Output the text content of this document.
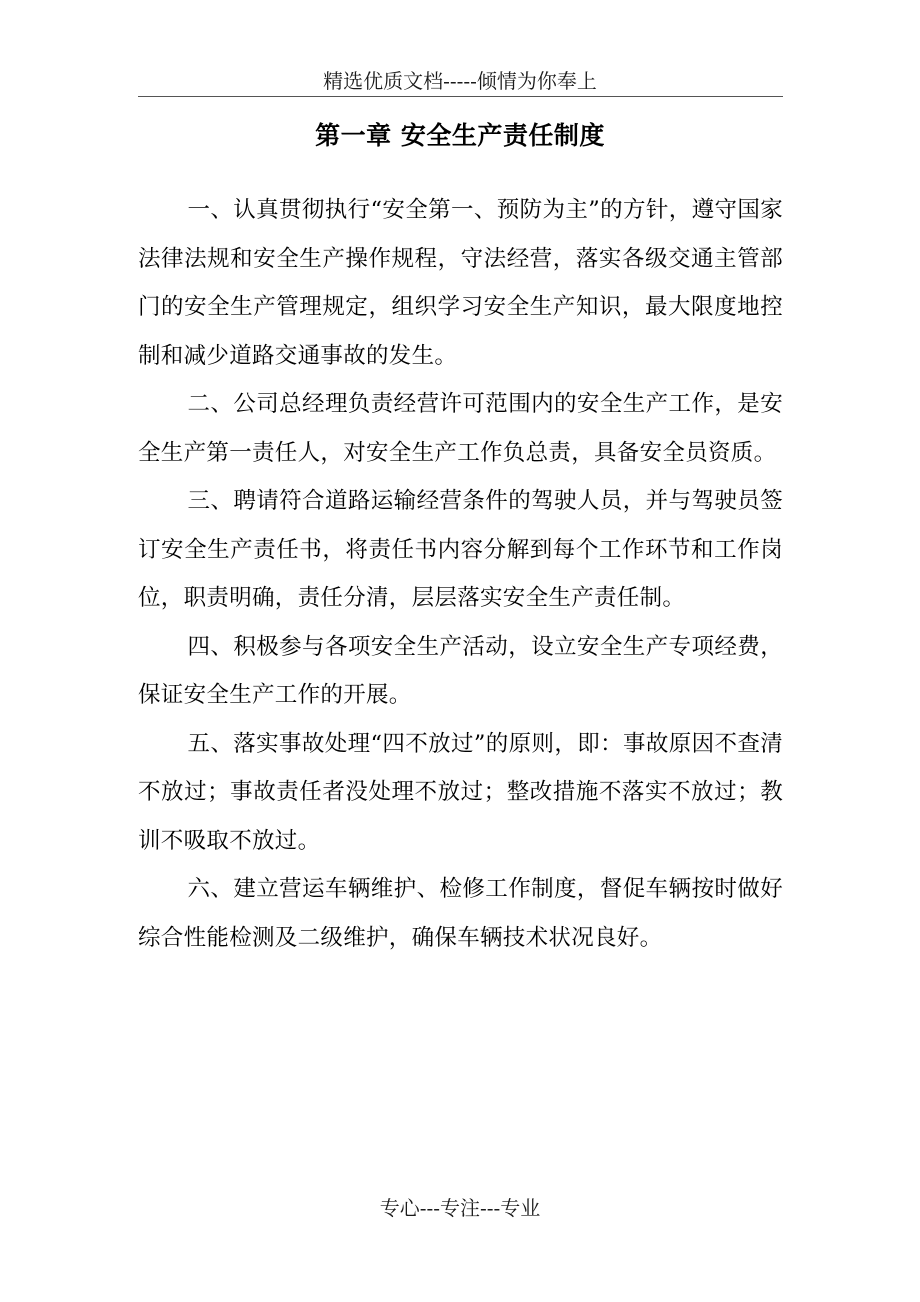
精选优质文档-----倾情为你奉上
第一章 安全生产责任制度

一、认真贯彻执行“安全第一、预防为主”的方针，遵守国家法律法规和安全生产操作规程，守法经营，落实各级交通主管部门的安全生产管理规定，组织学习安全生产知识，最大限度地控制和减少道路交通事故的发生。

二、公司总经理负责经营许可范围内的安全生产工作，是安全生产第一责任人，对安全生产工作负总责，具备安全员资质。

三、聘请符合道路运输经营条件的驾驶人员，并与驾驶员签订安全生产责任书，将责任书内容分解到每个工作环节和工作岗位，职责明确，责任分清，层层落实安全生产责任制。

四、积极参与各项安全生产活动，设立安全生产专项经费，保证安全生产工作的开展。

五、落实事故处理“四不放过”的原则，即：事故原因不查清不放过；事故责任者没处理不放过；整改措施不落实不放过；教训不吸取不放过。

六、建立营运车辆维护、检修工作制度，督促车辆按时做好综合性能检测及二级维护，确保车辆技术状况良好。

专心---专注---专业
